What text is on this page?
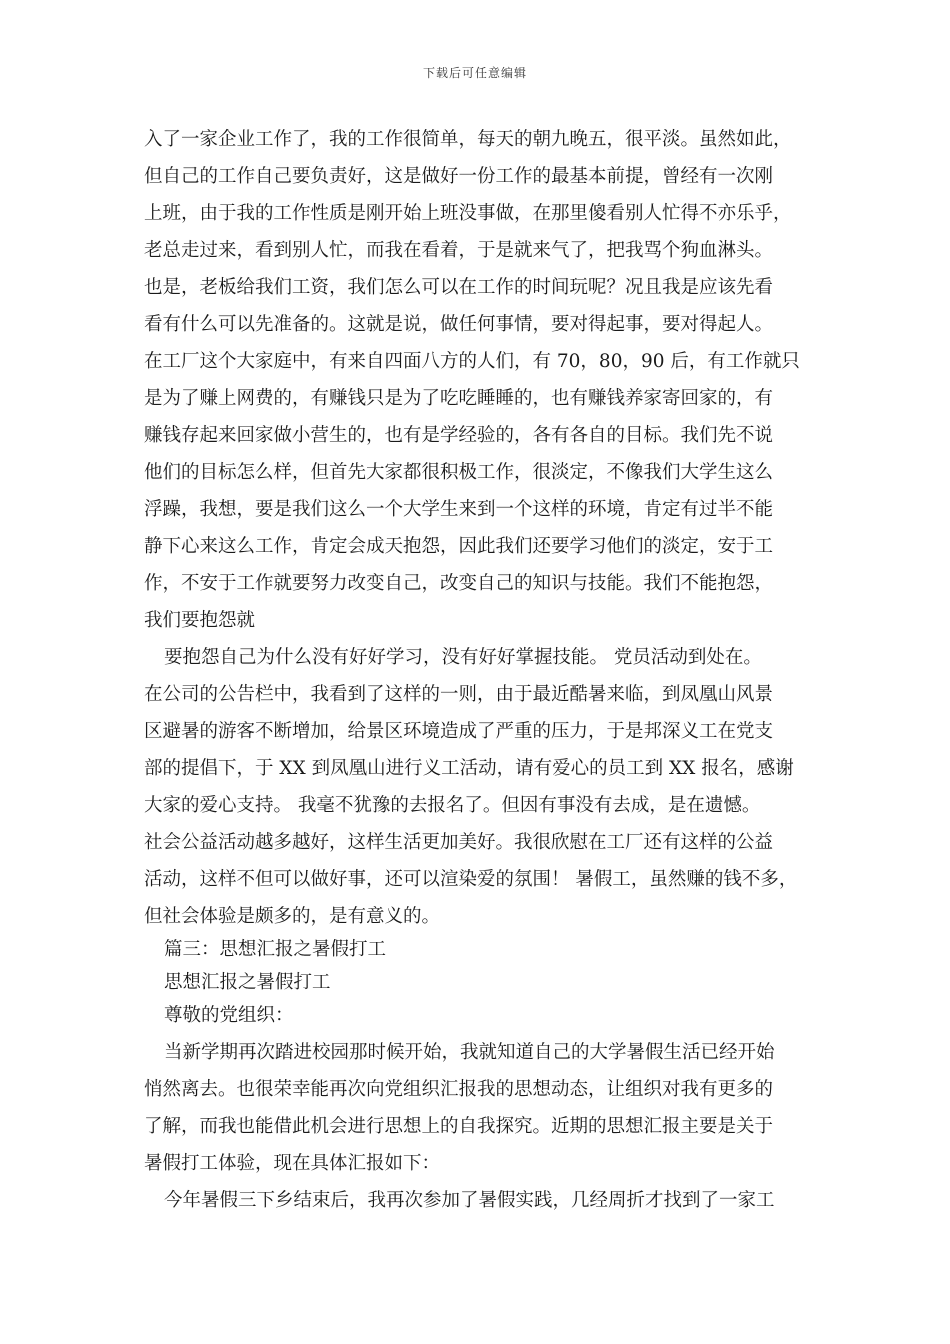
下载后可任意编辑
入了一家企业工作了，我的工作很简单，每天的朝九晚五，很平淡。虽然如此，
但自己的工作自己要负责好，这是做好一份工作的最基本前提，曾经有一次刚
上班，由于我的工作性质是刚开始上班没事做，在那里傻看别人忙得不亦乐乎，
老总走过来，看到别人忙，而我在看着，于是就来气了，把我骂个狗血淋头。
也是，老板给我们工资，我们怎么可以在工作的时间玩呢？况且我是应该先看
看有什么可以先准备的。这就是说，做任何事情，要对得起事，要对得起人。
在工厂这个大家庭中，有来自四面八方的人们，有 70，80，90 后，有工作就只
是为了赚上网费的，有赚钱只是为了吃吃睡睡的，也有赚钱养家寄回家的，有
赚钱存起来回家做小营生的，也有是学经验的，各有各自的目标。我们先不说
他们的目标怎么样，但首先大家都很积极工作，很淡定，不像我们大学生这么
浮躁，我想，要是我们这么一个大学生来到一个这样的环境，肯定有过半不能
静下心来这么工作，肯定会成天抱怨，因此我们还要学习他们的淡定，安于工
作，不安于工作就要努力改变自己，改变自己的知识与技能。我们不能抱怨，
我们要抱怨就
要抱怨自己为什么没有好好学习，没有好好掌握技能。 党员活动到处在。
在公司的公告栏中，我看到了这样的一则，由于最近酷暑来临，到凤凰山风景
区避暑的游客不断增加，给景区环境造成了严重的压力，于是邦深义工在党支
部的提倡下，于 XX 到凤凰山进行义工活动，请有爱心的员工到 XX 报名，感谢
大家的爱心支持。 我毫不犹豫的去报名了。但因有事没有去成，是在遗憾。
社会公益活动越多越好，这样生活更加美好。我很欣慰在工厂还有这样的公益
活动，这样不但可以做好事，还可以渲染爱的氛围！ 暑假工，虽然赚的钱不多，
但社会体验是颇多的，是有意义的。
篇三：思想汇报之暑假打工
思想汇报之暑假打工
尊敬的党组织：
当新学期再次踏进校园那时候开始，我就知道自己的大学暑假生活已经开始
悄然离去。也很荣幸能再次向党组织汇报我的思想动态，让组织对我有更多的
了解，而我也能借此机会进行思想上的自我探究。近期的思想汇报主要是关于
暑假打工体验，现在具体汇报如下：
今年暑假三下乡结束后，我再次参加了暑假实践，几经周折才找到了一家工
